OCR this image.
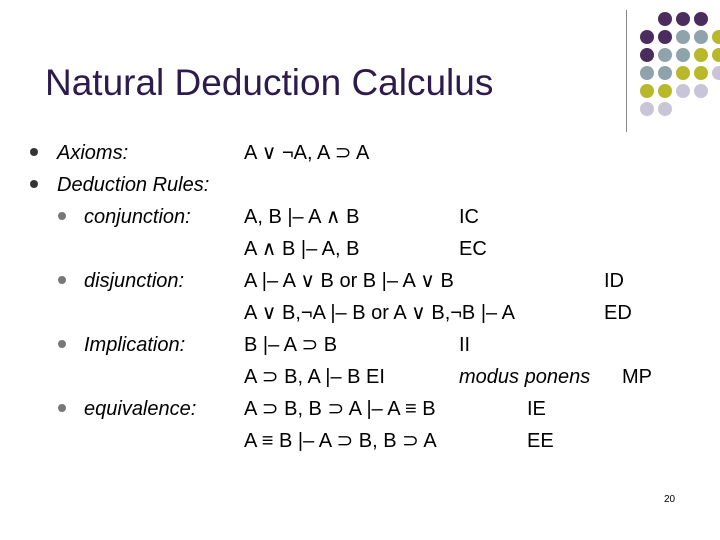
Natural Deduction Calculus
Axioms:	A ∨ ¬A, A ⊃ A
Deduction Rules:
conjunction:	A, B |– A ∧ B	IC
A ∧ B |– A, B	EC
disjunction:	A |– A ∨ B or B |– A ∨ B	ID
A ∨ B,¬A |– B or A ∨ B,¬B |– A	ED
Implication:	B |– A ⊃ B	II
A ⊃ B, A |– B EI	modus ponens MP
equivalence: A ⊃ B, B ⊃ A |– A ≡ B	IE
A ≡ B |– A ⊃ B, B ⊃ A	EE
20
